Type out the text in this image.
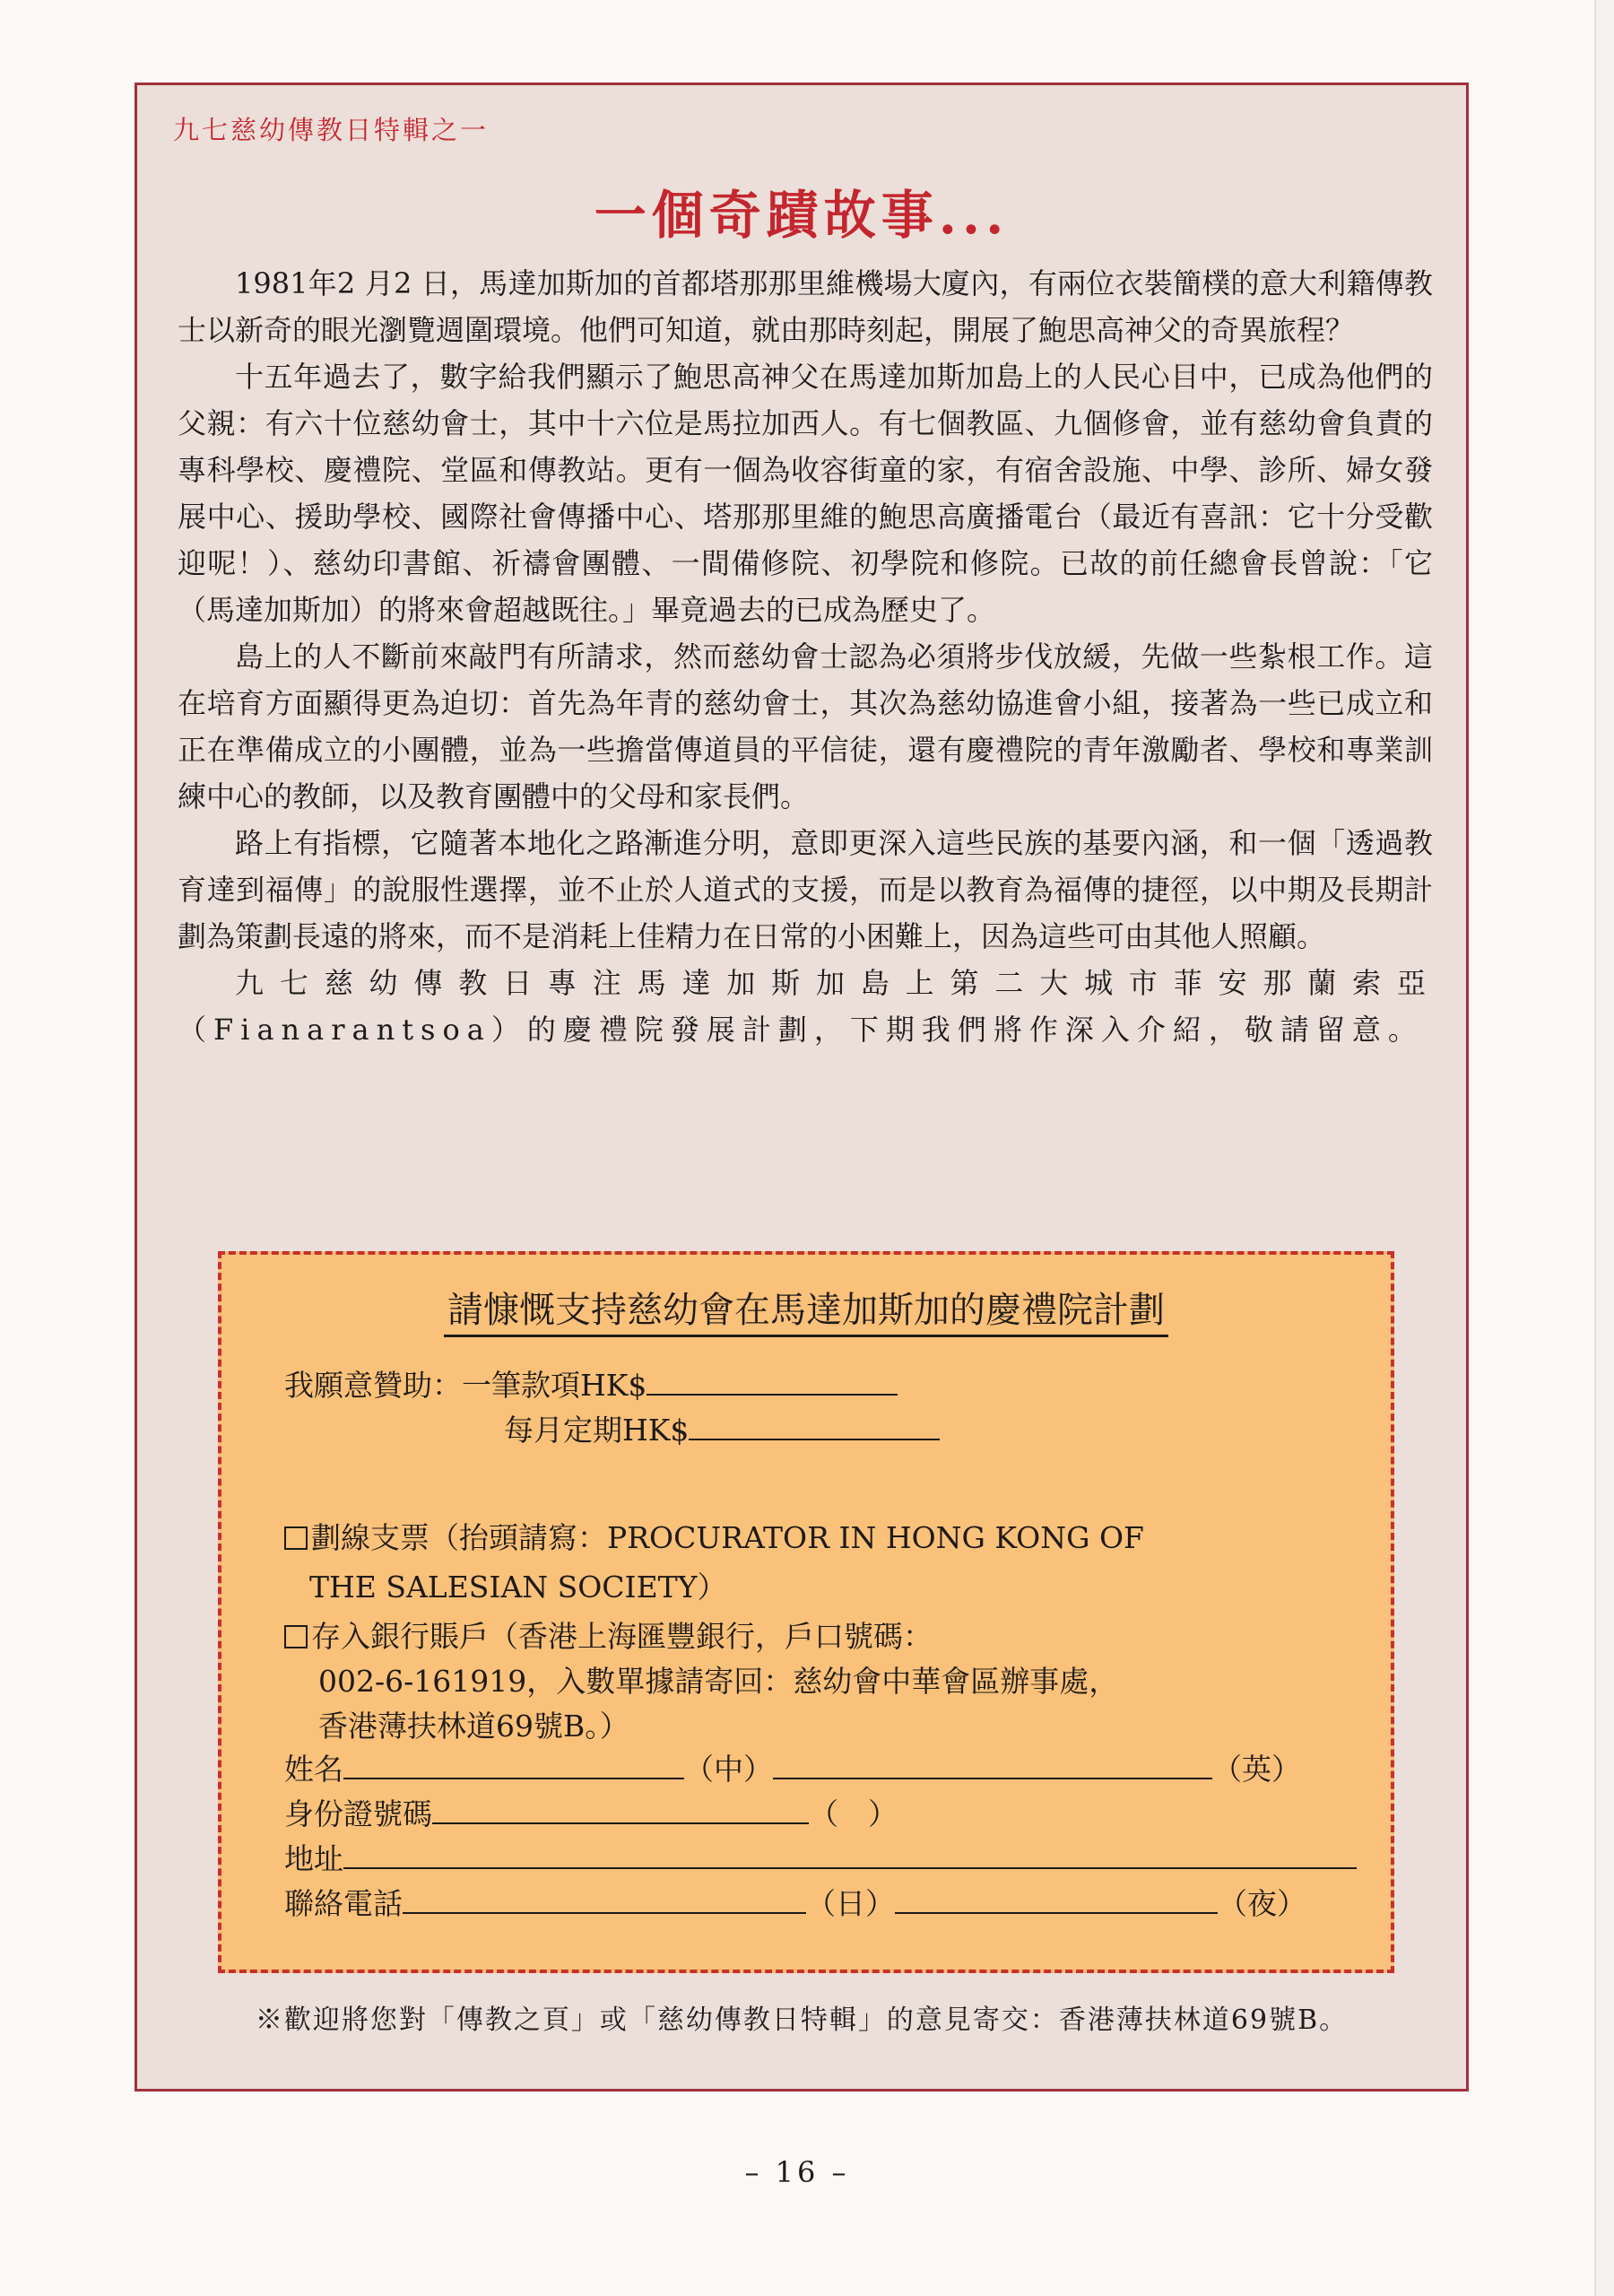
九七慈幼傳教日特輯之一
一個奇蹟故事...

1981年2 月2 日，馬達加斯加的首都塔那那里維機場大廈內，有兩位衣裝簡樸的意大利籍傳教士以新奇的眼光瀏覽週圍環境。他們可知道，就由那時刻起，開展了鮑思高神父的奇異旅程？

十五年過去了，數字給我們顯示了鮑思高神父在馬達加斯加島上的人民心目中，已成為他們的父親：有六十位慈幼會士，其中十六位是馬拉加西人。有七個教區、九個修會，並有慈幼會負責的專科學校、慶禮院、堂區和傳教站。更有一個為收容街童的家，有宿舍設施、中學、診所、婦女發展中心、援助學校、國際社會傳播中心、塔那那里維的鮑思高廣播電台（最近有喜訊：它十分受歡迎呢！）、慈幼印書館、祈禱會團體、一間備修院、初學院和修院。已故的前任總會長曾說：「它（馬達加斯加）的將來會超越既往。」畢竟過去的已成為歷史了。

島上的人不斷前來敲門有所請求，然而慈幼會士認為必須將步伐放緩，先做一些紮根工作。這在培育方面顯得更為迫切：首先為年青的慈幼會士，其次為慈幼協進會小組，接著為一些已成立和正在準備成立的小團體，並為一些擔當傳道員的平信徒，還有慶禮院的青年激勵者、學校和專業訓練中心的教師，以及教育團體中的父母和家長們。

路上有指標，它隨著本地化之路漸進分明，意即更深入這些民族的基要內涵，和一個「透過教育達到福傳」的說服性選擇，並不止於人道式的支援，而是以教育為福傳的捷徑，以中期及長期計劃為策劃長遠的將來，而不是消耗上佳精力在日常的小困難上，因為這些可由其他人照顧。

九七慈幼傳教日專注馬達加斯加島上第二大城市菲安那蘭索亞（Fianarantsoa）的慶禮院發展計劃，下期我們將作深入介紹，敬請留意。

請慷慨支持慈幼會在馬達加斯加的慶禮院計劃
我願意贊助：一筆款項HK$
每月定期HK$
劃線支票（抬頭請寫：PROCURATOR IN HONG KONG OF
THE SALESIAN SOCIETY）
存入銀行賬戶（香港上海匯豐銀行，戶口號碼：
002-6-161919，入數單據請寄回：慈幼會中華會區辦事處，
香港薄扶林道69號B。）
姓名	（中）	（英）
身份證號碼	（　）
地址
聯絡電話	（日）	（夜）
※歡迎將您對「傳教之頁」或「慈幼傳教日特輯」的意見寄交：香港薄扶林道69號B。
– 16 –
